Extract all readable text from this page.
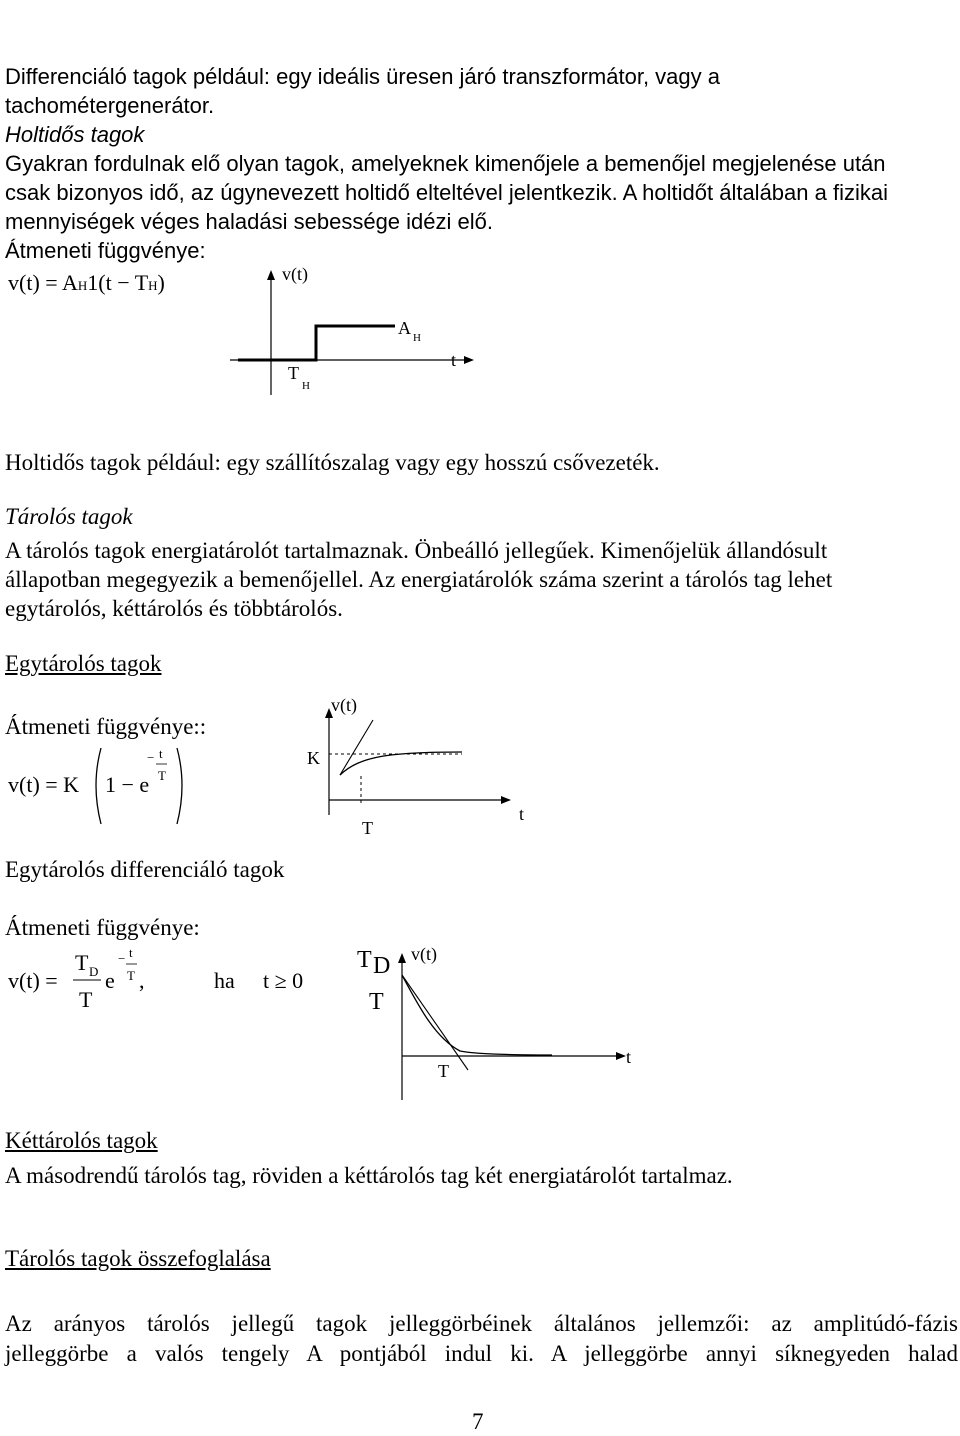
Differenciáló tagok például: egy ideális üresen járó transzformátor, vagy a
tachométergenerátor.
Holtidős tagok
Gyakran fordulnak elő olyan tagok, amelyeknek kimenőjele a bemenőjel megjelenése után
csak bizonyos idő, az úgynevezett holtidő elteltével jelentkezik. A holtidőt általában a fizikai
mennyiségek véges haladási sebessége idézi elő.
Átmeneti függvénye:
v(t) = AH1(t − TH)	v(t)
t
A H
T
H
Holtidős tagok például: egy szállítószalag vagy egy hosszú csővezeték.
Tárolós tagok
A tárolós tagok energiatárolót tartalmaznak. Önbeálló jellegűek. Kimenőjelük állandósult
állapotban megegyezik a bemenőjellel. Az energiatárolók száma szerint a tárolós tag lehet
egytárolós, kéttárolós és többtárolós.
Egytárolós tagok
Átmeneti függvénye::
v(t) = K 1 − e
− t
T
v(t)
t
K
T
Egytárolós differenciáló tagok
Átmeneti függvénye:
v(t) =
T D
T
e
− t
T ,	ha t ≥ 0
T D
T
v(t)
t
T
Kéttárolós tagok
A másodrendű tárolós tag, röviden a kéttárolós tag két energiatárolót tartalmaz.
Tárolós tagok összefoglalása
Az arányos tárolós jellegű tagok jelleggörbéinek általános jellemzői: az amplitúdó-fázis
jelleggörbe a valós tengely A pontjából indul ki. A jelleggörbe annyi síknegyeden halad
7
